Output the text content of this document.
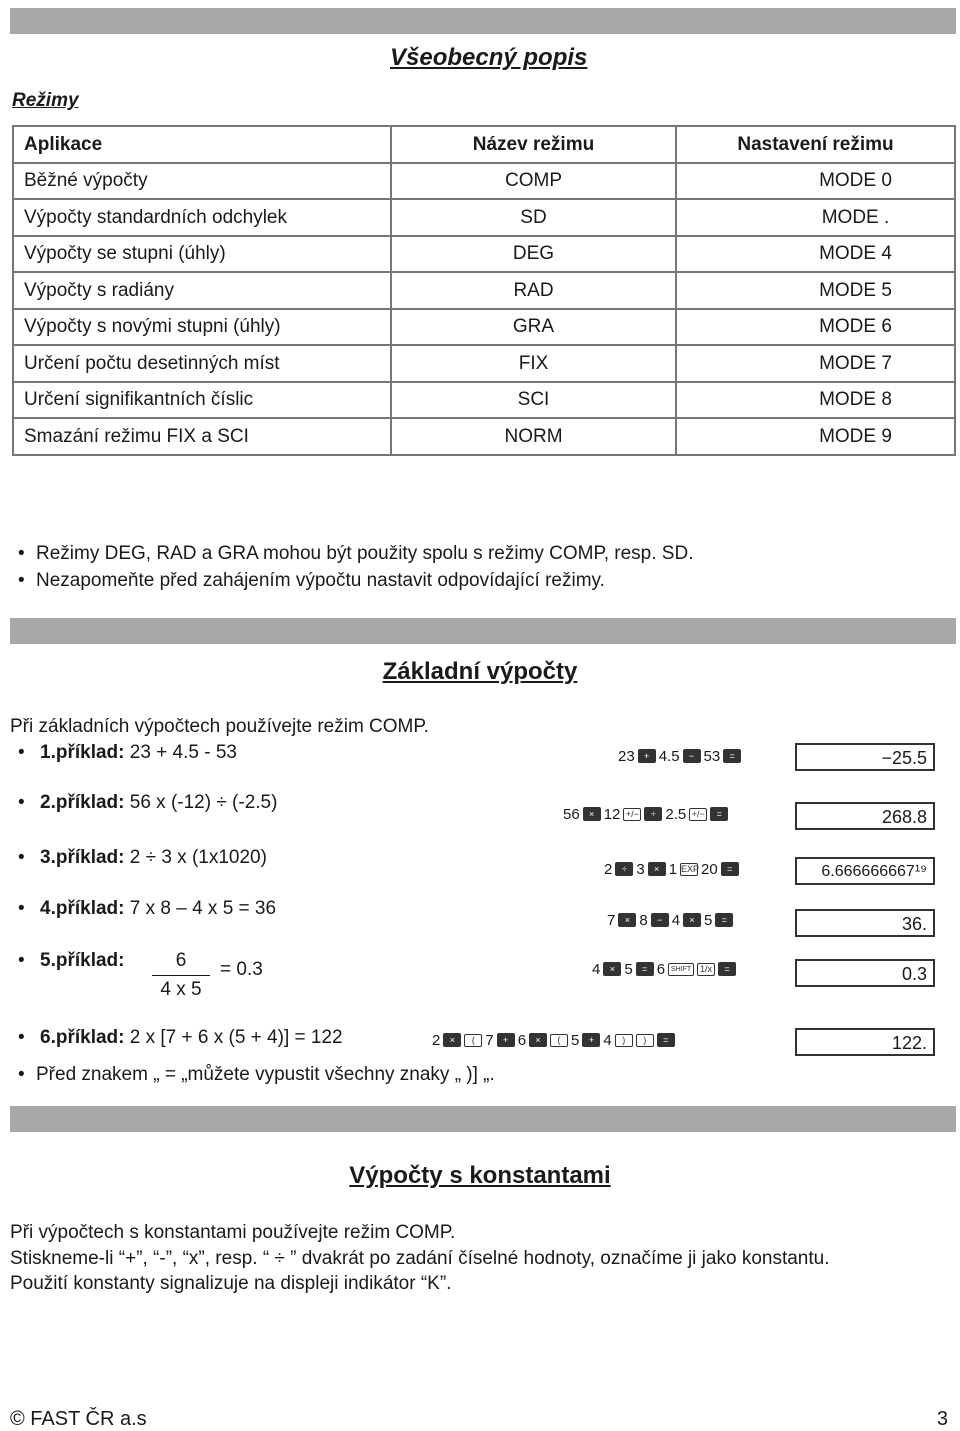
Všeobecný popis
Režimy
Aplikace	Název režimu	Nastavení režimu
Běžné výpočty	COMP	MODE 0
Výpočty standardních odchylek	SD	MODE .
Výpočty se stupni (úhly)	DEG	MODE 4
Výpočty s radiány	RAD	MODE 5
Výpočty s novými stupni (úhly)	GRA	MODE 6
Určení počtu desetinných míst	FIX	MODE 7
Určení signifikantních číslic	SCI	MODE 8
Smazání režimu FIX a SCI	NORM	MODE 9
• Režimy DEG, RAD a GRA mohou být použity spolu s režimy COMP, resp. SD.
• Nezapomeňte před zahájením výpočtu nastavit odpovídající režimy.
Základní výpočty
Při základních výpočtech používejte režim COMP.
• 1.příklad: 23 + 4.5 - 53	23	+ 4.5	− 53	=	−25.5
• 2.příklad: 56 x (-12) ÷ (-2.5)
56	× 12 +/−	÷ 2.5 +/−	=	268.8
• 3.příklad: 2 ÷ 3 x (1x1020)
2	÷ 3	× 1 EXP 20	=	6.666666667¹⁹
• 4.příklad: 7 x 8 – 4 x 5 = 36
7	× 8	− 4	× 5	=	36.
• 5.příklad: $\frac{6}{4 x 5} = 0.3$	4	× 5	= 6 SHIFT 1/x	=	0.3
• 6.příklad: 2 x [7 + 6 x (5 + 4)] = 122	2	×	( 7	+ 6	×	( 5	+ 4	)	)	=	122.
• Před znakem „ = „můžete vypustit všechny znaky „ )] „.
Výpočty s konstantami
Při výpočtech s konstantami používejte režim COMP.
Stiskneme-li “+”, “-”, “x”, resp. “ ÷ ” dvakrát po zadání číselné hodnoty, označíme ji jako konstantu.
Použití konstanty signalizuje na displeji indikátor “K”.
© FAST ČR a.s	3
